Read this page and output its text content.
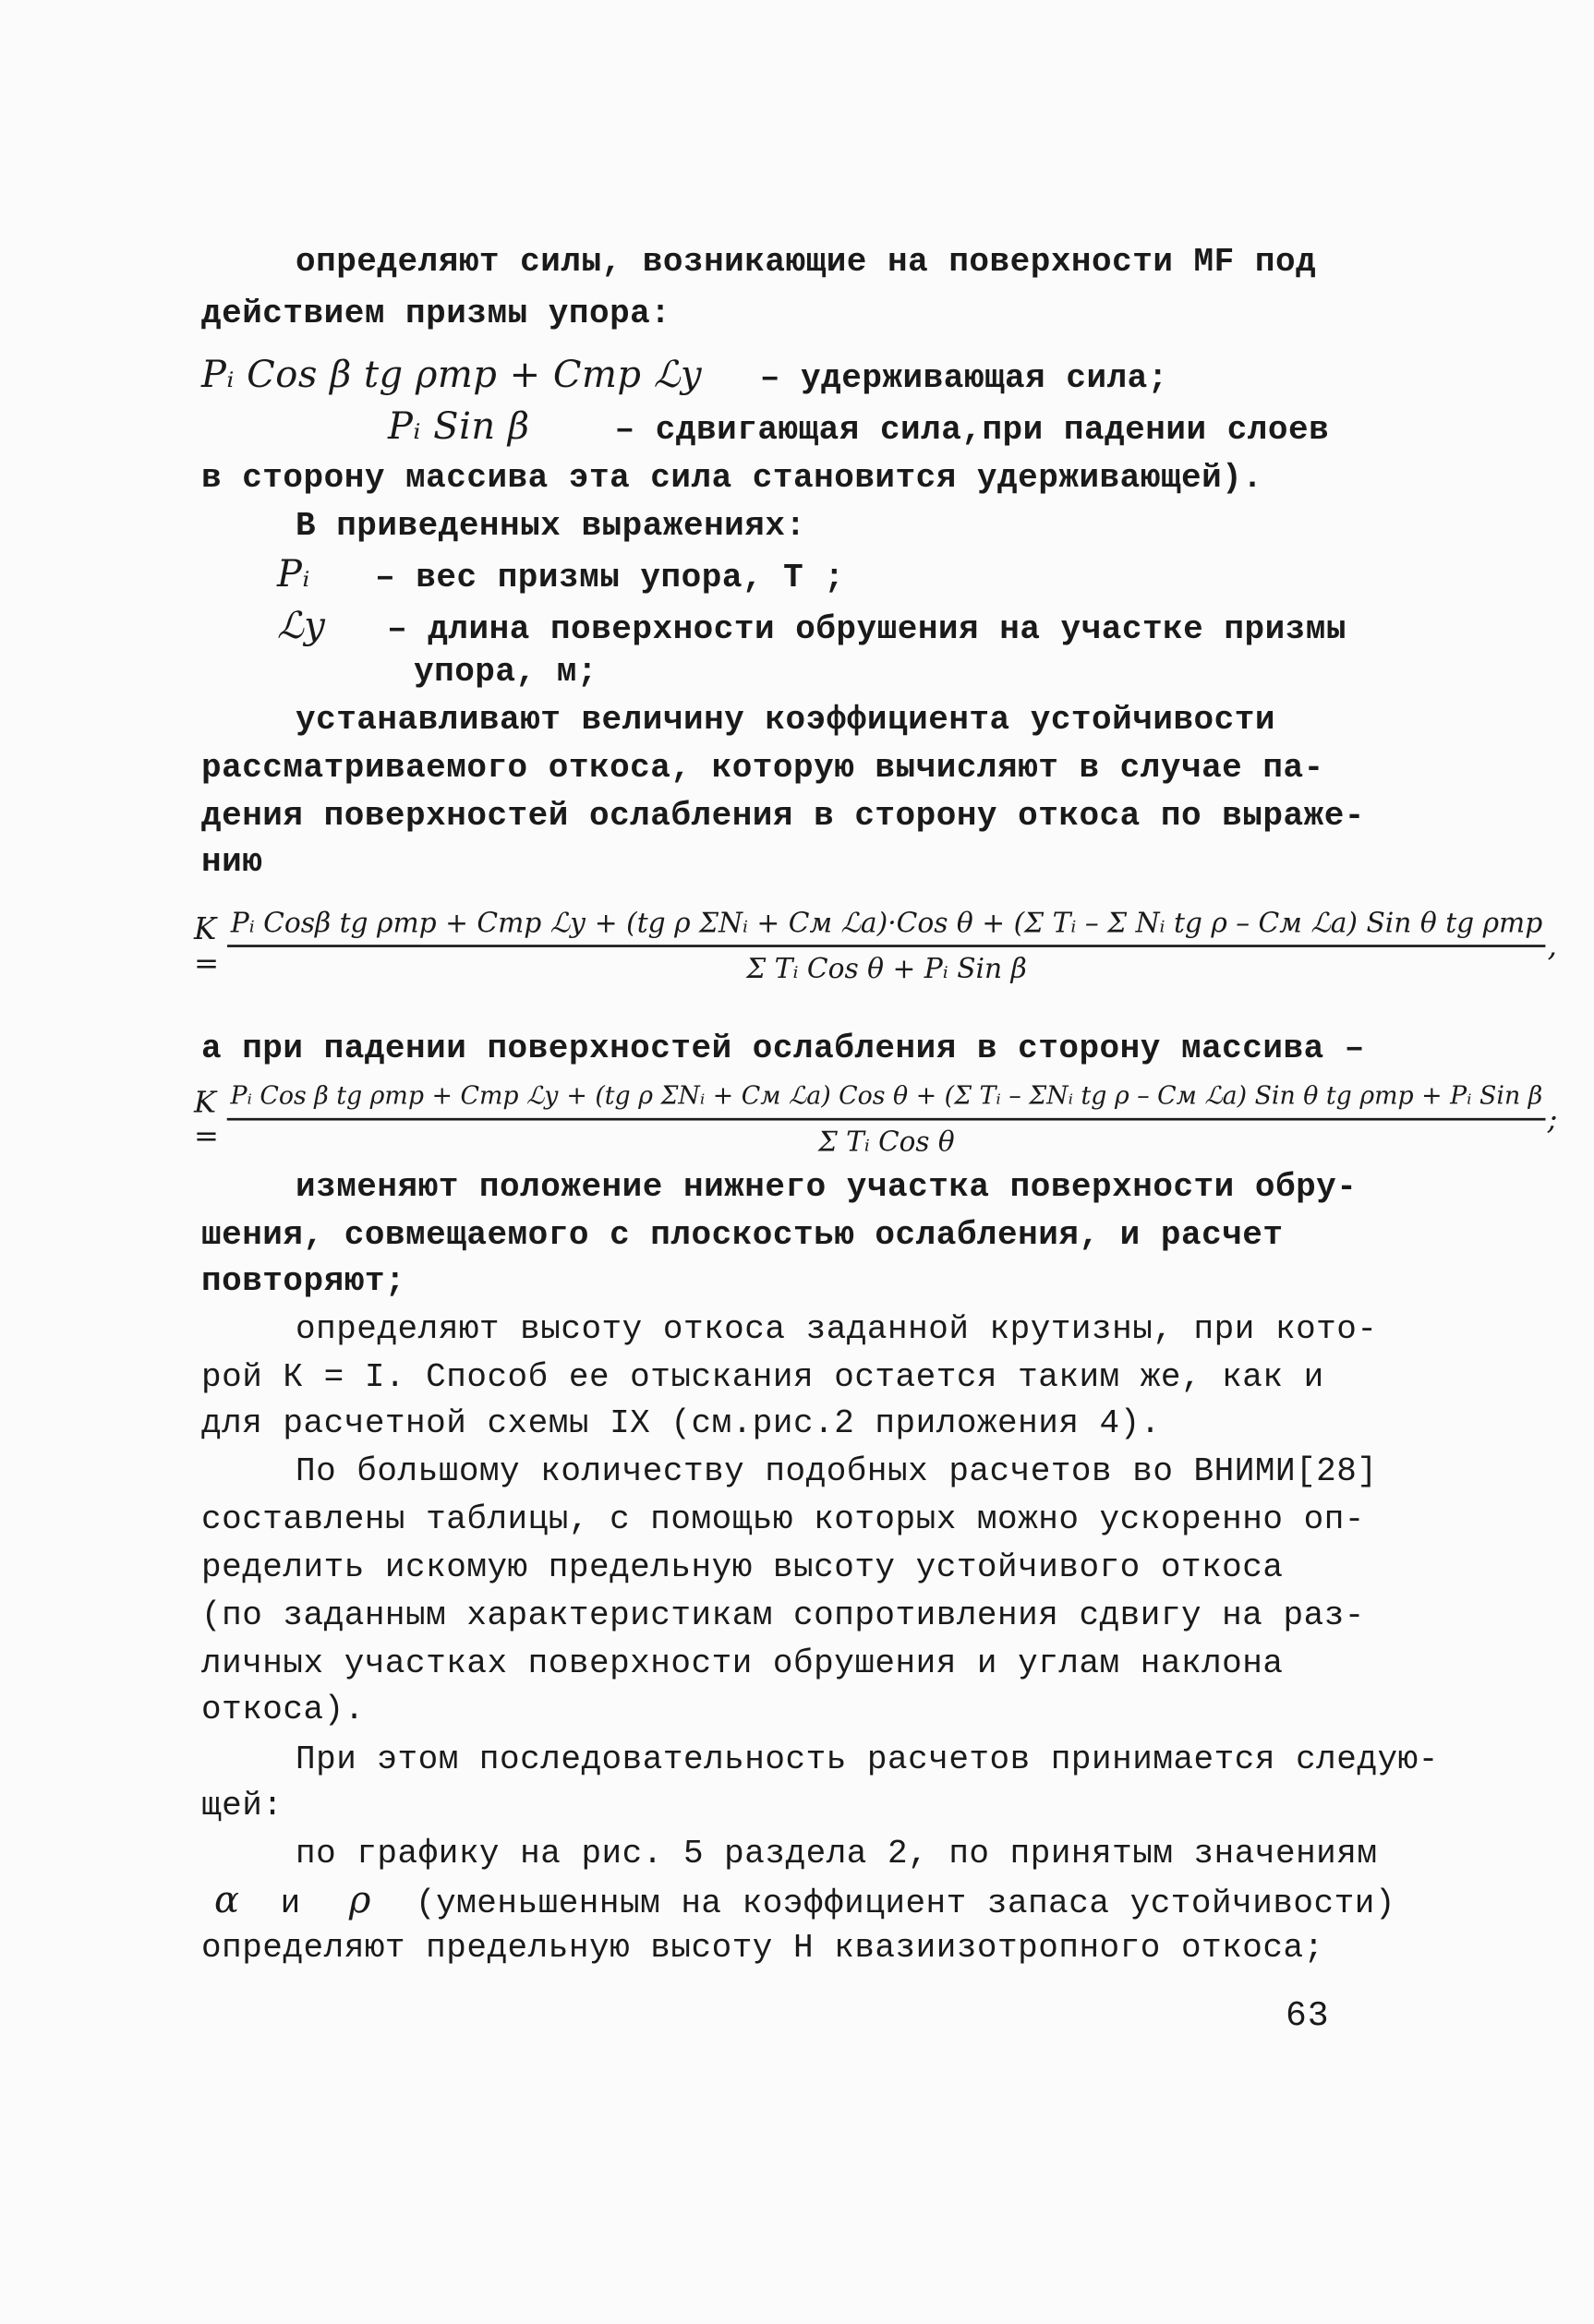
определяют силы, возникающие на поверхности MF под
действием призмы упора:
Pᵢ Cos β tg ρтр + Cтр ℒу – удерживающая сила;
Pᵢ Sin β	– сдвигающая сила,при падении слоев
в сторону массива эта сила становится удерживающей).
В приведенных выражениях:
Pᵢ – вес призмы упора, Т ;
ℒу – длина поверхности обрушения на участке призмы
упора, м;
устанавливают величину коэффициента устойчивости
рассматриваемого откоса, которую вычисляют в случае па-
дения поверхностей ослабления в сторону откоса по выраже-
нию
K =
Pᵢ Cosβ tg ρтр + Cтр ℒу + (tg ρ ΣNᵢ + Cм ℒа)·Cos θ + (Σ Tᵢ – Σ Nᵢ tg ρ – Cм ℒа) Sin θ tg ρтр
Σ Tᵢ Cos θ + Pᵢ Sin β
,
а при падении поверхностей ослабления в сторону массива –
K =
Pᵢ Cos β tg ρтр + Cтр ℒу + (tg ρ ΣNᵢ + Cм ℒа) Cos θ + (Σ Tᵢ – ΣNᵢ tg ρ – Cм ℒа) Sin θ tg ρтр + Pᵢ Sin β
Σ Tᵢ Cos θ
;
изменяют положение нижнего участка поверхности обру-
шения, совмещаемого с плоскостью ослабления, и расчет
повторяют;
определяют высоту откоса заданной крутизны, при кото-
рой К = I. Способ ее отыскания остается таким же, как и
для расчетной схемы IX (см.рис.2 приложения 4).
По большому количеству подобных расчетов во ВНИМИ[28]
составлены таблицы, с помощью которых можно ускоренно оп-
ределить искомую предельную высоту устойчивого откоса
(по заданным характеристикам сопротивления сдвигу на раз-
личных участках поверхности обрушения и углам наклона
откоса).
При этом последовательность расчетов принимается следую-
щей:
по графику на рис. 5 раздела 2, по принятым значениям
α и ρ (уменьшенным на коэффициент запаса устойчивости)
определяют предельную высоту H квазиизотропного откоса;
63
